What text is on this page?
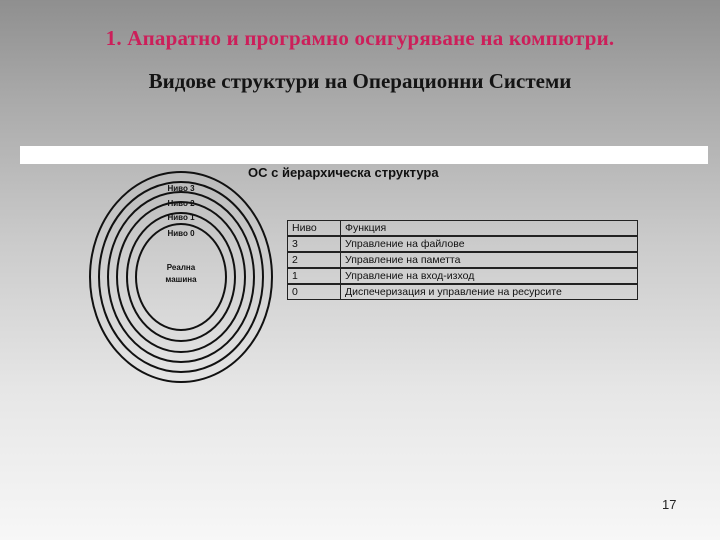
1. Апаратно и програмно осигуряване на компютри.
Видове структури на Операционни Системи
ОС с йерархическа структура
Ниво 3
Ниво 2
Ниво 1
Ниво 0
Реална
машина
Ниво	Функция
3	Управление на файлове
2	Управление на паметта
1	Управление на вход-изход
0	Диспечеризация и управление на ресурсите
17
